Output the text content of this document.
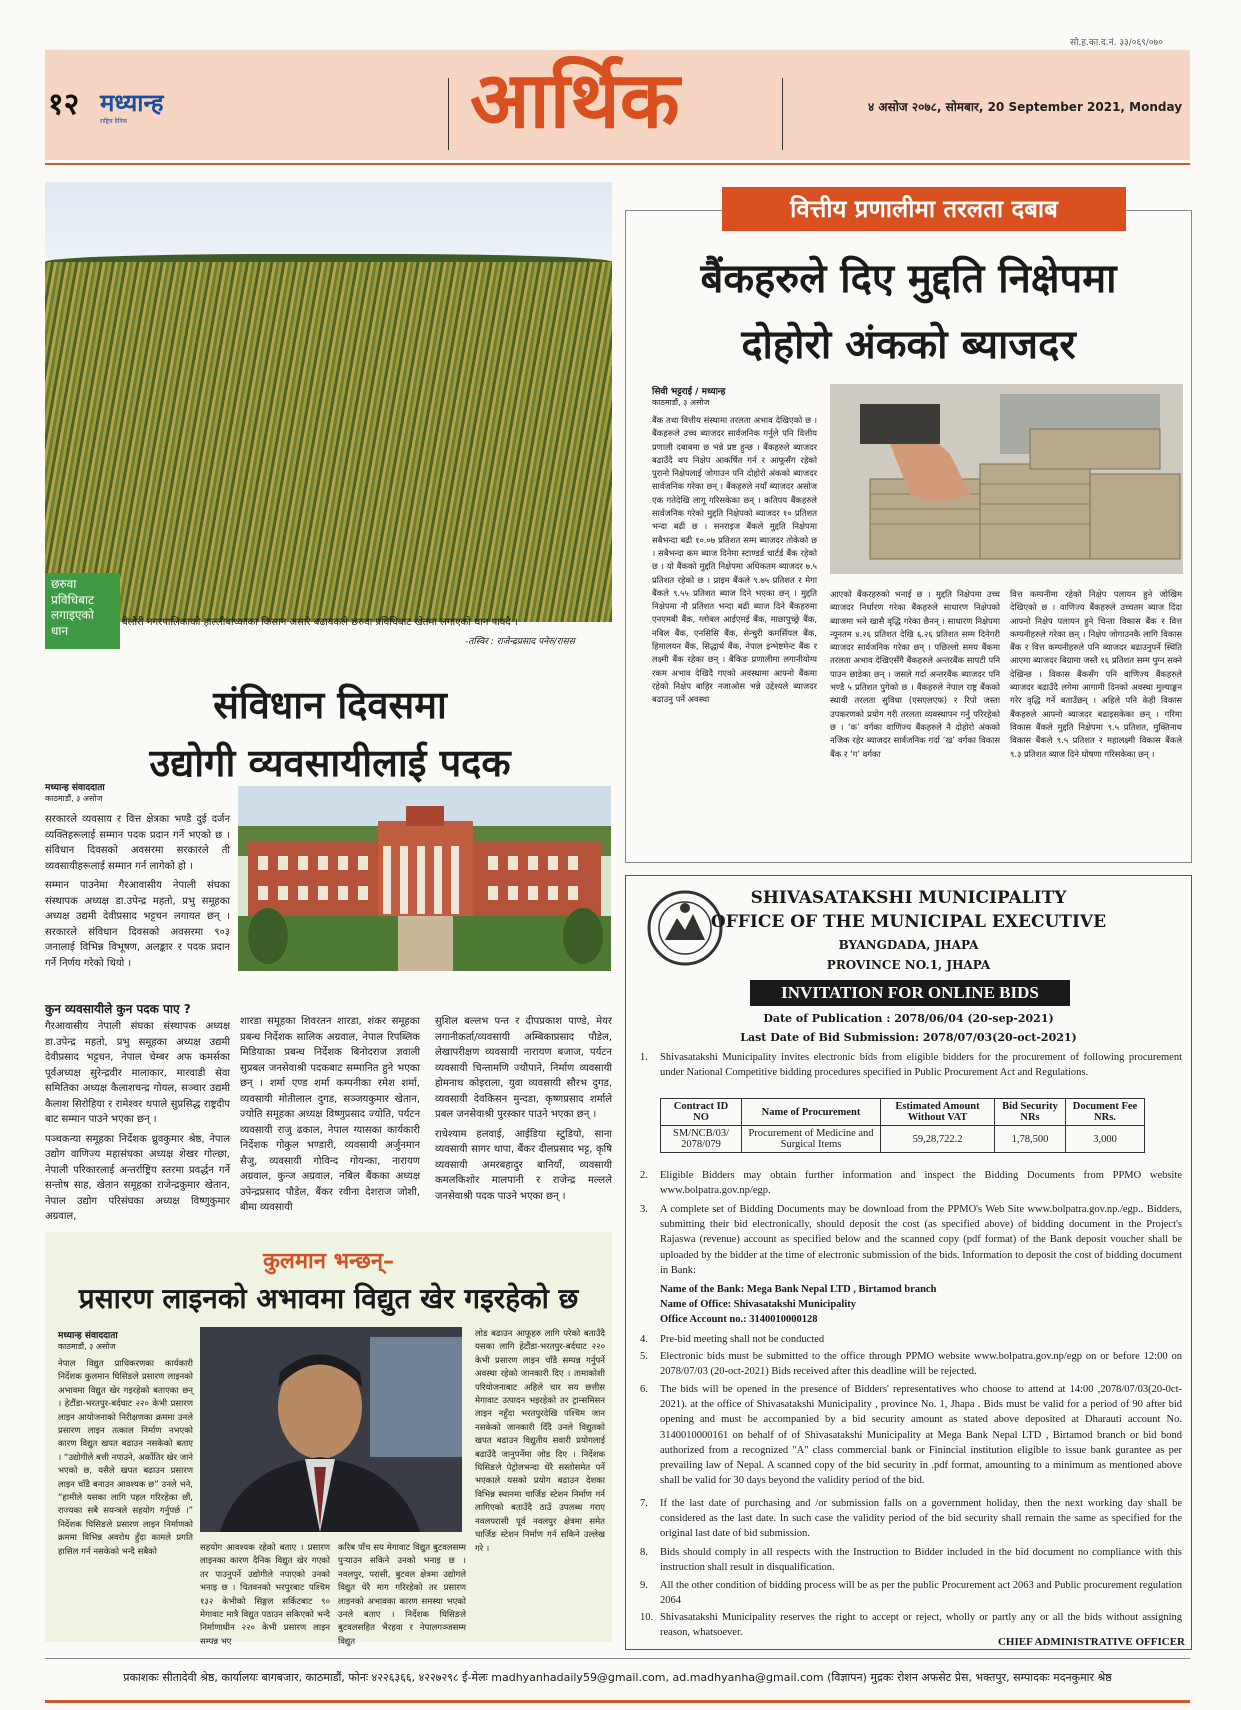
सो.ह.का.द.नं. ३३/०६९/०७०
१२ मध्यान्ह
राष्ट्रिय दैनिक	आर्थिक	४ असोज २०७८, सोमबार, 20 September 2021, Monday
छरुवा प्रविधिबाट लगाइएको धान
बेलौरी नगरपालिकाको हाल्लीबांध्काका किसान असारे बढायकले छरुवा प्रविधिबाट खेतमा लगाएको धान पाक्दै ।
-तस्विर : राजेन्द्रप्रसाद पनेरु/रासस
संविधान दिवसमा
उद्योगी व्यवसायीलाई पदक
मध्यान्ह संवाददाता
काठमाडौं, ३ असोज

सरकारले व्यवसाय र वित्त क्षेत्रका भण्डै दुई दर्जन व्यक्तिहरूलाई सम्मान पदक प्रदान गर्ने भएको छ । संविधान दिवसको अवसरमा सरकारले ती व्यवसायीहरूलाई सम्मान गर्न लागेको हो ।

सम्मान पाउनेमा गैरआवासीय नेपाली संघका संस्थापक अध्यक्ष डा.उपेन्द्र महतो, प्रभु समूहका अध्यक्ष उद्यमी देवीप्रसाद भट्टचन लगायत छन् । सरकारले संविधान दिवसको अवसरमा ९०३ जनालाई विभिन्न विभूषण, अलङ्कार र पदक प्रदान गर्ने निर्णय गरेको थियो ।

कुन व्यवसायीले कुन पदक पाए ?

गैरआवासीय नेपाली संघका संस्थापक अध्यक्ष डा.उपेन्द्र महतो, प्रभु समूहका अध्यक्ष उद्यमी देवीप्रसाद भट्टचन, नेपाल चेम्बर अफ कमर्सका पूर्वअध्यक्ष सुरेन्द्रवीर मालाकार, मारवाडी सेवा समितिका अध्यक्ष कैलाशचन्द्र गोयल, सञ्चार उद्यमी कैलाश सिरोहिया र रामेश्वर थपाले सुप्रसिद्ध राष्ट्रदीप बाट सम्मान पाउने भएका छन् ।

पञ्चकन्या समूहका निर्देशक ध्रुवकुमार श्रेष्ठ, नेपाल उद्योग वाणिज्य महासंघका अध्यक्ष शेखर गोल्छा, नेपाली परिकारलाई अन्तर्राष्ट्रिय स्तरमा प्रवर्द्धन गर्ने सन्तोष साह, खेतान समूहका राजेन्द्रकुमार खेतान, नेपाल उद्योग परिसंघका अध्यक्ष विष्णुकुमार अग्रवाल,

शारडा समूहका शिवरतन शारडा, शंकर समूहका प्रबन्ध निर्देशक सालिक अग्रवाल, नेपाल रिपब्लिक मिडियाका प्रबन्ध निर्देशक बिनोदराज ज्ञवाली सुप्रबल जनसेवाश्री पदकबाट सम्मानित हुने भएका छन् । शर्मा एण्ड शर्मा कम्पनीका रमेश शर्मा, व्यवसायी मोतीलाल दुगड, सञ्जयकुमार खेतान, ज्योति समूहका अध्यक्ष विष्णुप्रसाद ज्योति, पर्यटन व्यवसायी राजु ढकाल, नेपाल ग्यासका कार्यकारी निर्देशक गोकुल भण्डारी, व्यवसायी अर्जुनमान सैजु, व्यवसायी गोविन्द गोयन्का, नारायण अग्रवाल, कुन्ज अग्रवाल, नबिल बैंकका अध्यक्ष उपेन्द्रप्रसाद पौडेल, बैंकर रवीना देशराज जोशी, बीमा व्यवसायी

सुशिल बल्लभ पन्त र दीपप्रकाश पाण्डे, मेयर लगानीकर्ता/व्यवसायी अम्बिकाप्रसाद पौडेल, लेखापरीक्षण व्यवसायी नारायण बजाज, पर्यटन व्यवसायी चिन्तामणि ज्यौपाने, निर्माण व्यवसायी होमनाथ कोइराला, युवा व्यवसायी सौरभ दुगड, व्यवसायी देवकिसन मुन्दडा, कृष्णप्रसाद शर्माले प्रबल जनसेवाश्री पुरस्कार पाउने भएका छन् ।

राधेश्याम हलवाई, आईडिया स्टुडियो, साना व्यवसायी सागर थापा, बैंकर दीलप्रसाद भट्ट, कृषि व्यवसायी अमरबहादुर बानियाँ, व्यवसायी कमलकिशोर मालपानी र राजेन्द्र मल्लले जनसेवाश्री पदक पाउने भएका छन् ।

कुलमान भन्छन्–
प्रसारण लाइनको अभावमा विद्युत खेर गइरहेको छ
मध्यान्ह संवाददाता
काठमाडौं, ३ असोज

नेपाल विद्युत प्राधिकरणका कार्यकारी निर्देशक कुलमान घिसिङले प्रसारण लाइनको अभावमा विद्युत खेर गइरहेको बताएका छन् । हेटौंडा-भरतपुर-बर्दघाट २२० केभी प्रसारण लाइन आयोजनाको निरीक्षणका क्रममा उनले प्रसारण लाइन तत्काल निर्माण नभएको कारण विद्युत खपत बढाउन नसकेको बताए । “उद्योगीले बत्ती नपाउने, अर्कोतिर खेर जाने भएको छ, यसैले खपत बढाउन प्रसारण लाइन चाँडै बनाउन आवश्यक छ” उनले भने, “हामीले यसका लागि पहल गरिरहेका छौं, राज्यका सबै सयन्त्रले सहयोग गर्नुपर्छ ।” निर्देशक घिसिङले प्रसारण लाइन निर्माणको क्रममा विभिन्न अवरोध हुँदा कामले प्रगति हासिल गर्न नसकेको भन्दै सबैको	सहयोग आवश्यक रहेको बताए । प्रसारण लाइनका कारण दैनिक विद्युत खेर गएको तर पाउनुपर्ने उद्योगीले नपाएको उनको भनाइ छ । चितवनको भरपुरबाट पश्चिम १३२ केभीको सिङ्गल सर्किटबाट ९० मेगावाट मात्रै विद्युत पठाउन सकिएको भन्दै निर्माणाधीन २२० केभी प्रसारण लाइन सम्पन्न भए

करिब पाँच सय मेगावाट विद्युत बुटवलसम्म पुऱ्याउन सकिने उनको भनाइ छ । नवलपुर, परासी, बुटवल क्षेत्रमा उद्योगले विद्युत धेरै माग गरिरहेको तर प्रसारण लाइनको अभावका कारण समस्या भएको उनले बताए । निर्देशक घिसिङले बुटवलसहित भैरहवा र नेपालगञ्जसम्म विद्युत

लोड बढाउन आफूहरु लागि परेको बताउँदै यसका लागि हेटौंडा-भरतपुर-बर्दघाट २२० केभी प्रसारण लाइन चाँडै सम्पन्न गर्नुपर्ने अवस्था रहेको जानकारी दिए । तामाकोशी परियोजनाबाट अहिले चार सय छत्तीस मेगावाट उत्पादन भइरहेको तर ट्रान्समिसन लाइन नहुँदा भरतपुरदेखि पश्चिम जान नसकेको जानकारी दिँदै उनले विद्युतको खपत बढाउन विद्युतीय सवारी प्रयोगलाई बढाउँदै जानुपर्नेमा जोड दिए । निर्देशक घिसिङले पेट्रोलभन्दा धेरै सस्तोसमेत पर्ने भएकाले यसको प्रयोग बढाउन देशका विभिन्न स्थानमा चार्जिङ स्टेशन निर्माण गर्न लागिएको बताउँदै ठाउँ उपलब्ध गराए नवलपरासी पूर्व नवलपुर क्षेत्रमा समेत चार्जिङ स्टेशन निर्माण गर्न सकिने उल्लेख गरे ।

वित्तीय प्रणालीमा तरलता दबाब
बैंकहरुले दिए मुद्दति निक्षेपमा
दोहोरो अंकको ब्याजदर
सिवी भट्टराई / मध्यान्ह
काठमाडौं, ३ असोज

बैंक तथा वित्तीय संस्थामा तरलता अभाव देखिएको छ । बैंकहरूले उच्च ब्याजदर सार्वजनिक गर्नुले पनि वित्तीय प्रणाली दबाबमा छ भन्ने प्रष्ट हुन्छ । बैंकहरुले ब्याजदर बढाउँदै थप निक्षेप आकर्षित गर्न र आफूसँग रहेको पुरानो निक्षेपलाई जोगाउन पनि दोहोरो अंकको ब्याजदर सार्वजनिक गरेका छन् । बैंकहरुले नयाँ ब्याजदर असोज एक गतेदेखि लागू गरिसकेका छन् । कतिपय बैंकहरुले सार्वजनिक गरेको मुद्दति निक्षेपको ब्याजदर १० प्रतिशत भन्दा बढी छ । सनराइज बैंकले मुद्दति निक्षेपमा सबैभन्दा बढी १०.०७ प्रतिशत सम्म ब्याजदर तोकेको छ । सबैभन्दा कम ब्याज दिनेमा स्टाण्डर्ड चार्टर्ड बैंक रहेको छ । यो बैंकको मुद्दति निक्षेपमा अधिकतम ब्याजदर ७.५ प्रतिशत रहेको छ । प्राइम बैंकले ९.७५ प्रतिशत र मेगा बैंकले ९.५५ प्रतिशत ब्याज दिने भएका छन् । मुद्दति निक्षेपमा नौ प्रतिशत भन्दा बढी ब्याज दिने बैंकहरुमा एनएमबी बैंक, ग्लोबल आईएमई बैंक, माछापुच्छ्रे बैंक, नबिल बैंक, एनसिसि बैंक, सेन्चुरी कमर्सियल बैंक, हिमालयन बैंक, सिद्धार्थ बैंक, नेपाल इन्भेष्टमेन्ट बैंक र लक्ष्मी बैंक रहेका छन् । बैकिङ प्रणालीमा लगानीयोग्य रकम अभाव देखिदै गएको अवस्थामा आफ्नो बैंकमा रहेको निक्षेप बाहिर नजाओस भन्ने उद्देश्यले ब्याजदर बढाउनु पर्ने अवस्था

आएको बैंकरहरुको भनाई छ । मुद्दति निक्षेपमा उच्च ब्याजदर निर्धारण गरेका बैंकहरुले साधारण निक्षेपको ब्याजमा भने खासै वृद्धि गरेका छैनन् । साधारण निक्षेपमा न्यूनतम ४.२६ प्रतिशत देखि ६.२६ प्रतिशत सम्म दिनेगरी ब्याजदर सार्वजनिक गरेका छन् । पछिल्लो समय बैंकमा तरलता अभाव देखिएसँगै बैंकहरुले अन्तरबैंक सापटी पनि पाउन छाडेका छन् । जसले गर्दा अन्तरबैंक ब्याजदर पनि भण्डै ५ प्रतिशत पुगेको छ । बैंकहरुले नेपाल राष्ट्र बैंकको स्थायी तरलता सुविधा (एसएलएफ) र रिपो जस्ता उपकरणको प्रयोग गरी तरलता व्यवस्थापन गर्नु परिरहेको छ । ‘क’ वर्गका वाणिज्य बैंकहरुले नै दोहोरो अंकको नजिक रहेर ब्याजदर सार्वजनिक गर्दा ‘ख’ वर्गका विकास बैंक र ‘ग’ वर्गका

वित्त कम्पनीमा रहेको निक्षेप पलायन हुने जोखिम देखिएको छ । वाणिज्य बैंकहरुले उच्चतम ब्याज दिंदा आफ्नो निक्षेप पलायन हुने चिन्ता विकास बैंक र वित्त कम्पनीहरुले गरेका छन् । निक्षेप जोगाउनकै लागि विकास बैंक र वित्त कम्पनीहरुले पनि ब्याजदर बढाउनुपर्ने स्थिति आएमा ब्याजदर बिग्रामा जस्तै १६ प्रतिशत सम्म पुग्न सक्ने देखिन्छ । विकास बैंकसँग पनि वाणिज्य बैंकहरुले ब्याजदर बढाउँदै लगेमा आगामी दिनको अवस्था मुल्याङ्कन गरेर वृद्धि गर्ने बताउँछन् । अहिले पनि केही विकास बैंकहरुले आफ्नो ब्याजदर बढाइसकेका छन् । गरिमा विकास बैंकले मुद्दति निक्षेपमा ९.५ प्रतिशत, मुक्तिनाथ विकास बैंकले ९.५ प्रतिशत र महालक्ष्मी विकास बैंकले ९.३ प्रतिशत ब्याज दिने घोषणा गरिसकेका छन् ।

SHIVASATAKSHI MUNICIPALITY
OFFICE OF THE MUNICIPAL EXECUTIVE
BYANGDADA, JHAPA
PROVINCE NO.1, JHAPA
INVITATION FOR ONLINE BIDS
Date of Publication : 2078/06/04 (20-sep-2021)
Last Date of Bid Submission: 2078/07/03(20-oct-2021)
1. Shivasatakshi Municipality invites electronic bids from eligible bidders for the procurement of following procurement under National Competitive bidding procedures specified in Public Procurement Act and Regulations.
Contract ID NO	Name of Procurement	Estimated Amount Without VAT	Bid Security NRs	Document Fee NRs.
SM/NCB/03/ 2078/079	Procurement of Medicine and Surgical Items	59,28,722.2	1,78,500	3,000
2. Eligible Bidders may obtain further information and inspect the Bidding Documents from PPMO website www.bolpatra.gov.np/egp.
3. A complete set of Bidding Documents may be download from the PPMO's Web Site www.bolpatra.gov.np./egp.. Bidders, submitting their bid electronically, should deposit the cost (as specified above) of bidding document in the Project's Rajaswa (revenue) account as specified below and the scanned copy (pdf format) of the Bank deposit voucher shall be uploaded by the bidder at the time of electronic submission of the bids. Information to deposit the cost of bidding document in Bank:
Name of the Bank: Mega Bank Nepal LTD , Birtamod branch
Name of Office: Shivasatakshi Municipality
Office Account no.: 3140010000128
4. Pre-bid meeting shall not be conducted
5. Electronic bids must be submitted to the office through PPMO website www.bolpatra.gov.np/egp on or before 12:00 on 2078/07/03 (20-oct-2021) Bids received after this deadline will be rejected.
6. The bids will be opened in the presence of Bidders' representatives who choose to attend at 14:00 ,2078/07/03(20-0ct-2021). at the office of Shivasatakshi Municipality , province No. 1, Jhapa . Bids must be valid for a period of 90 after bid opening and must be accompanied by a bid security amount as stated above deposited at Dharauti account No. 3140010000161 on behalf of of Shivasatakshi Municipality at Mega Bank Nepal LTD , Birtamod branch or bid bond authorized from a recognized "A" class commercial bank or Finincial institution eligible to issue bank gurantee as per prevailing law of Nepal. A scanned copy of the bid security in .pdf format, amounting to a minimum as mentioned above shall be valid for 30 days beyond the validity period of the bid.
7. If the last date of purchasing and /or submission falls on a government holiday, then the next working day shall be considered as the last date. In such case the validity period of the bid security shall remain the same as specified for the original last date of bid submission.
8. Bids should comply in all respects with the Instruction to Bidder included in the bid document no compliance with this instruction shall result in disqualification.
9. All the other condition of bidding process will be as per the public Procurement act 2063 and Public procurement regulation 2064
10. Shivasatakshi Municipality reserves the right to accept or reject, wholly or partly any or all the bids without assigning reason, whatsoever.
CHIEF ADMINISTRATIVE OFFICER
प्रकाशकः सीतादेवी श्रेष्ठ, कार्यालयः बागबजार, काठमाडौं, फोनः ४२२६३६६, ४२२७२९८ ई-मेलः madhyanhadaily59@gmail.com, ad.madhyanha@gmail.com (विज्ञापन) मुद्रकः रोशन अफसेट प्रेस, भक्तपुर, सम्पादकः मदनकुमार श्रेष्ठ
